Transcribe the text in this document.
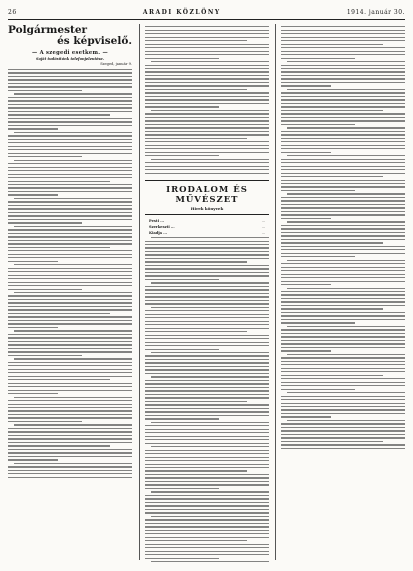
26	ARADI KÖZLÖNY	1914. január 30.
Polgármester
és képviselő.
— A szegedi esetkem. —
Saját tudósítónk telefonjelentése.
Szeged, január 9.
IRODALOM ÉS MŰVÉSZET
Hírek könyvek
Pesti ...	...
Szerkeszti ...	...
Kiadja ...	...
